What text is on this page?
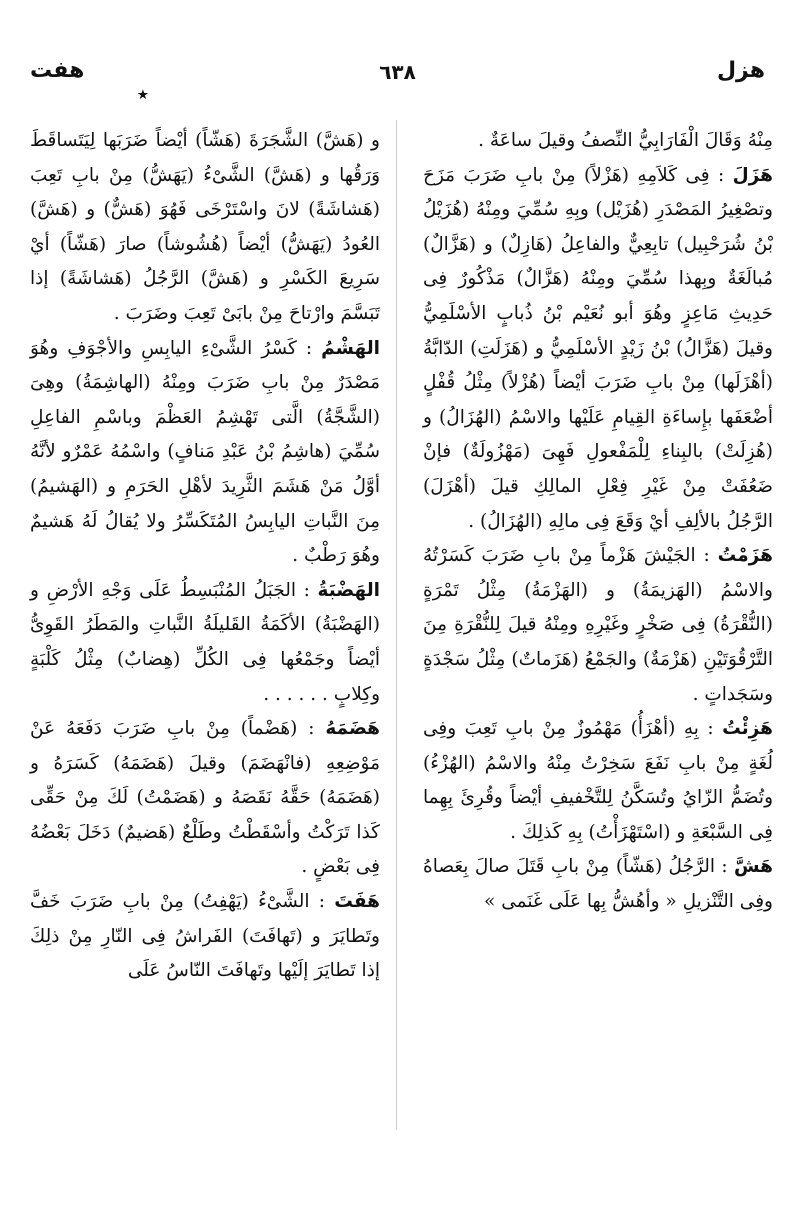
هزل
٦٣٨
هفت
٭

مِنْهُ وَقَالَ الْفَارَابِيُّ النِّصفُ وقيلَ ساعَةٌ .

هَزَلَ : فِى كَلاَمِهِ (هَزْلاً) مِنْ بابِ ضَرَبَ مَزَحَ وتصْغِيرُ المَصْدَرِ (هُزَيْل) وبِهِ سُمِّيَ ومِنْهُ (هُزَيْلُ بْنُ شُرَحْبِيل) تابِعِيٌّ والفاعِلُ (هَازِلٌ) و (هَزَّالٌ) مُبالَغَةٌ وبِهذا سُمِّيَ ومِنْهُ (هَزَّالٌ) مَذْكُورٌ فِى حَدِيثِ مَاعِزٍ وهُوَ أبو نُعَيْم بْنُ ذُبابٍ الأسْلَمِيُّ وقيلَ (هَزَّالُ) بْنُ زَيْدٍ الأسْلَمِيُّ و (هَزَلَتِ) الدّابَّةُ (أهْزَلَها) مِنْ بابِ ضَرَبَ أيْضاً (هُزْلاً) مِثْلُ قُفْلٍ أضْعَفَها بإِساءَةِ القِيامِ عَلَيْها والاسْمُ (الهُزَالُ) و (هُزِلَتْ) بالبِناءِ لِلْمَفْعولِ فَهِىَ (مَهْزُولَةٌ) فإنْ ضَعُفَتْ مِنْ غَيْرِ فِعْلِ المالِكِ قيلَ (أهْزَلَ) الرَّجُلُ بالألِفِ أيْ وَقَعَ فِى مالِهِ (الهُزَالُ) .

هَزَمْتُ : الجَيْشَ هَزْماً مِنْ بابِ ضَرَبَ كَسَرْتُهُ والاسْمُ (الهَزيمَةُ) و (الهَزْمَةُ) مِثْلُ تَمْرَةٍ (النُّقْرَةُ) فِى صَخْرٍ وغَيْرِهِ ومِنْهُ قيلَ لِلنُّقْرَةِ مِنَ التَّرْقُوَتَيْنِ (هَزْمَةٌ) والجَمْعُ (هَزَماتٌ) مِثْلُ سَجْدَةٍ وسَجَداتٍ .

هَزِئْتُ : بِهِ (أهْزَأُ) مَهْمُوزٌ مِنْ بابِ تَعِبَ وفِى لُغَةٍ مِنْ بابِ نَفَعَ سَخِرْتُ مِنْهُ والاسْمُ (الهُزْءُ) وتُضَمُّ الزّايُ وتُسَكَّنُ لِلتَّخْفيفِ أيْضاً وقُرِئَ بِهِما فِى السَّبْعَةِ و (اسْتَهْزَأْتُ) بِهِ كَذلِكَ .

هَشَّ : الرَّجُلُ (هَشّاً) مِنْ بابِ قَتَلَ صالَ بِعَصاهُ وفِى التَّنْزيلِ « وأهُشُّ بِها عَلَى غَنَمى »

و (هَشَّ) الشَّجَرَةَ (هَشّاً) أيْضاً ضَرَبَها لِيَتَساقَطَ وَرَقُها و (هَشَّ) الشَّىْءُ (يَهَشُّ) مِنْ بابِ تَعِبَ (هَشاشَةً) لانَ واسْتَرْخَى فَهُوَ (هَشٌّ) و (هَشَّ) العُودُ (يَهَشُّ) أيْضاً (هُشُوشاً) صارَ (هَشّاً) أيْ سَرِيعَ الكَسْرِ و (هَشَّ) الرَّجُلُ (هَشاشَةً) إذا تَبَسَّمَ وارْتاحَ مِنْ بابَىْ تَعِبَ وضَرَبَ .

الهَشْمُ : كَسْرُ الشَّىْءِ اليابِسِ والأجْوَفِ وهُوَ مَصْدَرٌ مِنْ بابِ ضَرَبَ ومِنْهُ (الهاشِمَةُ) وهِىَ (الشَّجَّةُ) الَّتى تَهْشِمُ العَظْمَ وباسْمِ الفاعِلِ سُمِّيَ (هاشِمُ بْنُ عَبْدِ مَنافٍ) واسْمُهُ عَمْرٌو لأنَّهُ أوَّلُ مَنْ هَشَمَ الثَّرِيدَ لأهْلِ الحَرَمِ و (الهَشيمُ) مِنَ النَّباتِ اليابِسُ المُتَكَسِّرُ ولا يُقالُ لَهُ هَشيمٌ وهُوَ رَطْبٌ .

الهَضْبَةُ : الجَبَلُ المُنْبَسِطُ عَلَى وَجْهِ الأرْضِ و (الهَضْبَةُ) الأكَمَةُ القَليلَةُ النَّباتِ والمَطَرُ القَوِىُّ أيْضاً وجَمْعُها فِى الكُلِّ (هِضابٌ) مِثْلُ كَلْبَةٍ وكِلابٍ . . . . . .

هَضَمَهُ : (هَضْماً) مِنْ بابِ ضَرَبَ دَفَعَهُ عَنْ مَوْضِعِهِ (فانْهَضَمَ) وقيلَ (هَضَمَهُ) كَسَرَهُ و (هَضَمَهُ) حَقَّهُ نَقَصَهُ و (هَضَمْتُ) لَكَ مِنْ حَقِّى كَذا تَرَكْتُ وأسْقَطْتُ وطَلْعٌ (هَضيمٌ) دَخَلَ بَعْضُهُ فِى بَعْضٍ .

هَفَتَ : الشَّىْءُ (يَهْفِتُ) مِنْ بابِ ضَرَبَ خَفَّ وتَطايَرَ و (تَهافَتَ) الفَراشُ فِى النّارِ مِنْ ذلِكَ إذا تَطايَرَ إلَيْها وتَهافَتَ النّاسُ عَلَى
